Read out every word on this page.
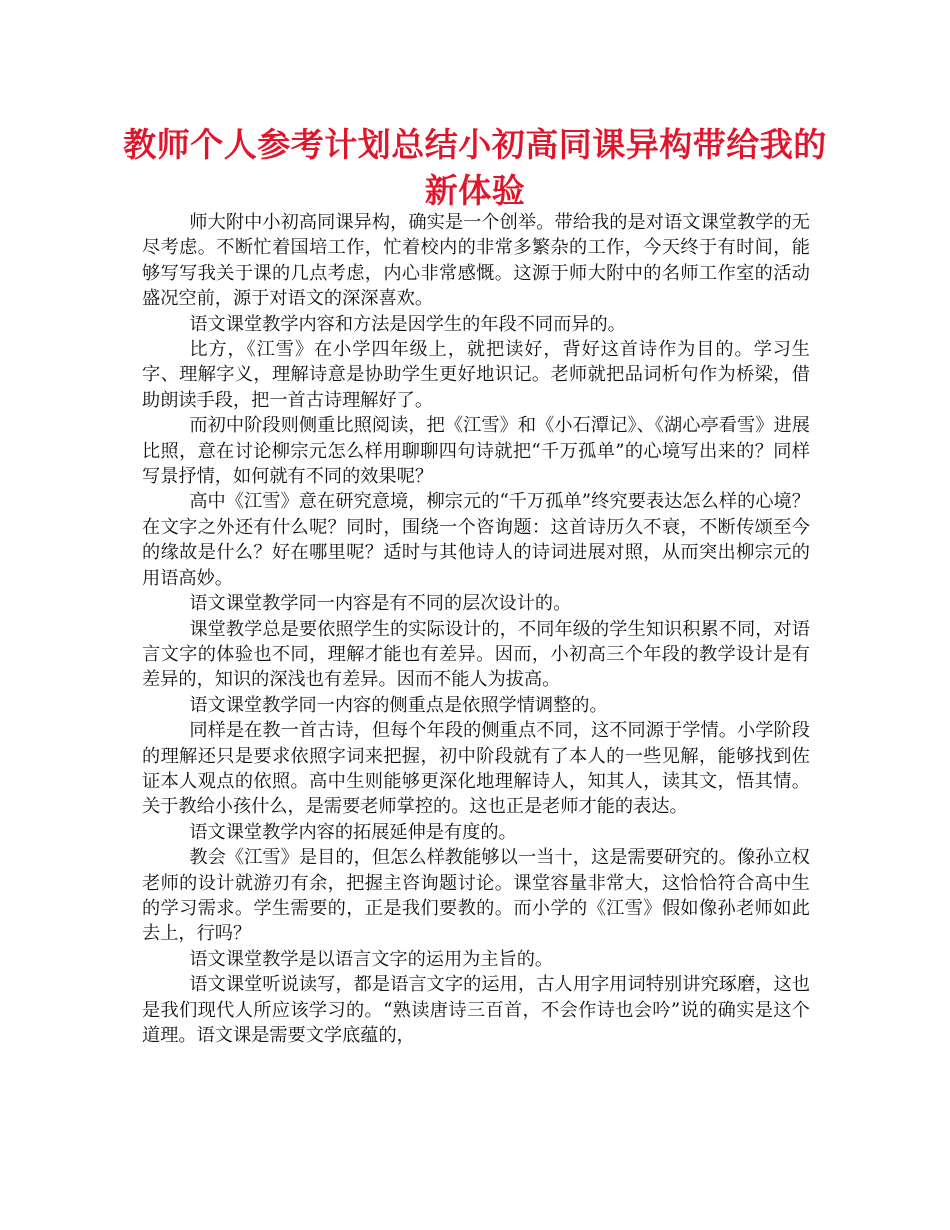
教师个人参考计划总结小初高同课异构带给我的新体验

师大附中小初高同课异构，确实是一个创举。带给我的是对语文课堂教学的无尽考虑。不断忙着国培工作，忙着校内的非常多繁杂的工作，今天终于有时间，能够写写我关于课的几点考虑，内心非常感慨。这源于师大附中的名师工作室的活动盛况空前，源于对语文的深深喜欢。

语文课堂教学内容和方法是因学生的年段不同而异的。

比方，《江雪》在小学四年级上，就把读好，背好这首诗作为目的。学习生字、理解字义，理解诗意是协助学生更好地识记。老师就把品词析句作为桥梁，借助朗读手段，把一首古诗理解好了。

而初中阶段则侧重比照阅读，把《江雪》和《小石潭记》、《湖心亭看雪》进展比照，意在讨论柳宗元怎么样用聊聊四句诗就把“千万孤单”的心境写出来的？同样写景抒情，如何就有不同的效果呢？

高中《江雪》意在研究意境，柳宗元的“千万孤单”终究要表达怎么样的心境？在文字之外还有什么呢？同时，围绕一个咨询题：这首诗历久不衰，不断传颂至今的缘故是什么？好在哪里呢？适时与其他诗人的诗词进展对照，从而突出柳宗元的用语高妙。

语文课堂教学同一内容是有不同的层次设计的。

课堂教学总是要依照学生的实际设计的，不同年级的学生知识积累不同，对语言文字的体验也不同，理解才能也有差异。因而，小初高三个年段的教学设计是有差异的，知识的深浅也有差异。因而不能人为拔高。

语文课堂教学同一内容的侧重点是依照学情调整的。

同样是在教一首古诗，但每个年段的侧重点不同，这不同源于学情。小学阶段的理解还只是要求依照字词来把握，初中阶段就有了本人的一些见解，能够找到佐证本人观点的依照。高中生则能够更深化地理解诗人，知其人，读其文，悟其情。关于教给小孩什么，是需要老师掌控的。这也正是老师才能的表达。

语文课堂教学内容的拓展延伸是有度的。

教会《江雪》是目的，但怎么样教能够以一当十，这是需要研究的。像孙立权老师的设计就游刃有余，把握主咨询题讨论。课堂容量非常大，这恰恰符合高中生的学习需求。学生需要的，正是我们要教的。而小学的《江雪》假如像孙老师如此去上，行吗？

语文课堂教学是以语言文字的运用为主旨的。

语文课堂听说读写，都是语言文字的运用，古人用字用词特别讲究琢磨，这也是我们现代人所应该学习的。“熟读唐诗三百首，不会作诗也会吟”说的确实是这个道理。语文课是需要文学底蕴的，
